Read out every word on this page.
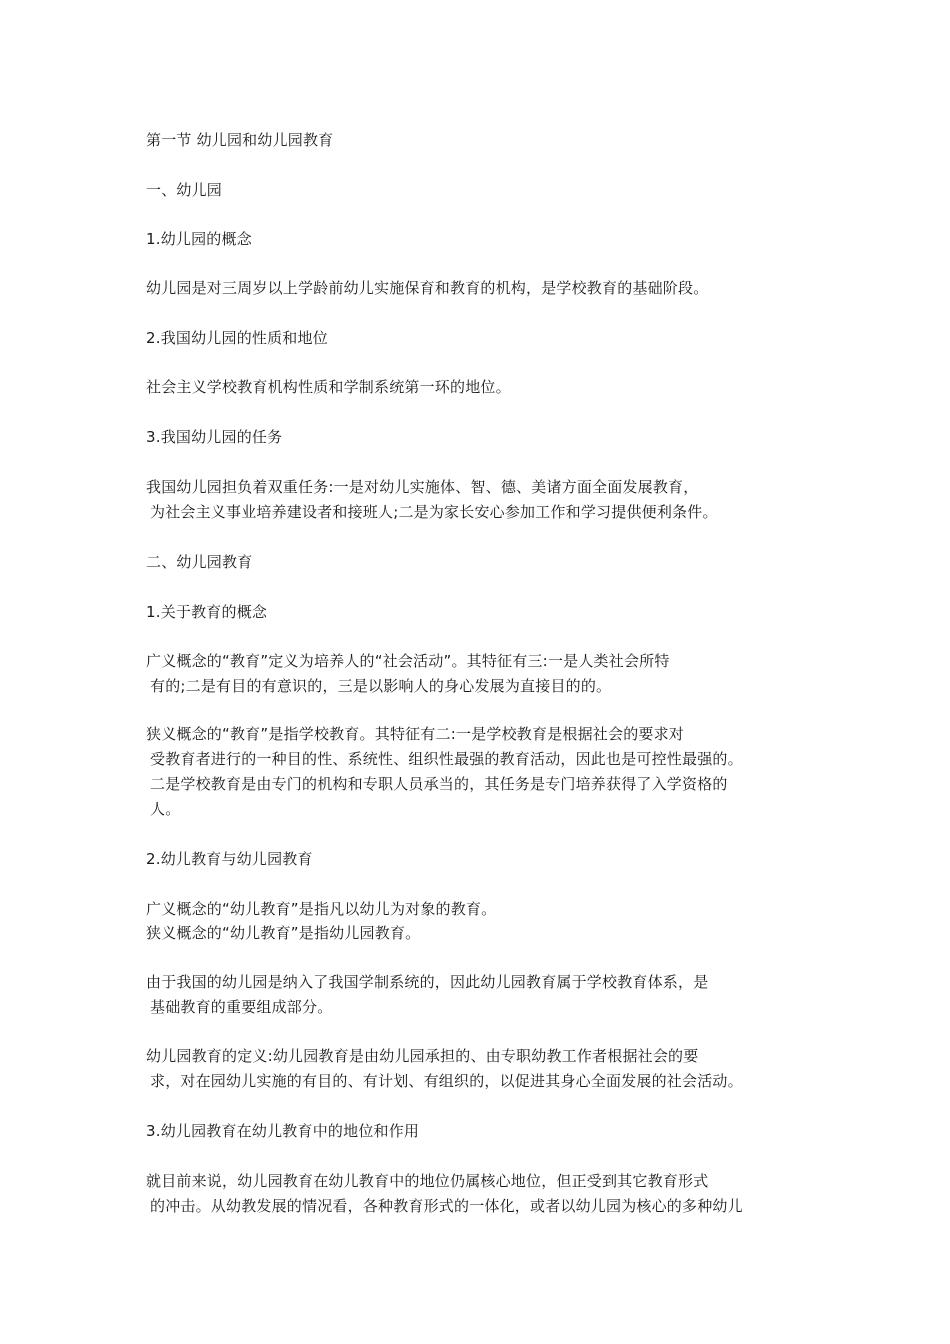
第一节 幼儿园和幼儿园教育
一、幼儿园
1.幼儿园的概念
幼儿园是对三周岁以上学龄前幼儿实施保育和教育的机构，是学校教育的基础阶段。
2.我国幼儿园的性质和地位
社会主义学校教育机构性质和学制系统第一环的地位。
3.我国幼儿园的任务
我国幼儿园担负着双重任务:一是对幼儿实施体、智、德、美诸方面全面发展教育，
为社会主义事业培养建设者和接班人;二是为家长安心参加工作和学习提供便利条件。
二、幼儿园教育
1.关于教育的概念
广义概念的“教育”定义为培养人的“社会活动”。其特征有三:一是人类社会所特
有的;二是有目的有意识的，三是以影响人的身心发展为直接目的的。
狭义概念的“教育”是指学校教育。其特征有二:一是学校教育是根据社会的要求对
受教育者进行的一种目的性、系统性、组织性最强的教育活动，因此也是可控性最强的。
二是学校教育是由专门的机构和专职人员承当的，其任务是专门培养获得了入学资格的
人。
2.幼儿教育与幼儿园教育
广义概念的“幼儿教育”是指凡以幼儿为对象的教育。
狭义概念的“幼儿教育”是指幼儿园教育。
由于我国的幼儿园是纳入了我国学制系统的，因此幼儿园教育属于学校教育体系，是
基础教育的重要组成部分。
幼儿园教育的定义:幼儿园教育是由幼儿园承担的、由专职幼教工作者根据社会的要
求，对在园幼儿实施的有目的、有计划、有组织的，以促进其身心全面发展的社会活动。
3.幼儿园教育在幼儿教育中的地位和作用
就目前来说，幼儿园教育在幼儿教育中的地位仍属核心地位，但正受到其它教育形式
的冲击。从幼教发展的情况看，各种教育形式的一体化，或者以幼儿园为核心的多种幼儿
